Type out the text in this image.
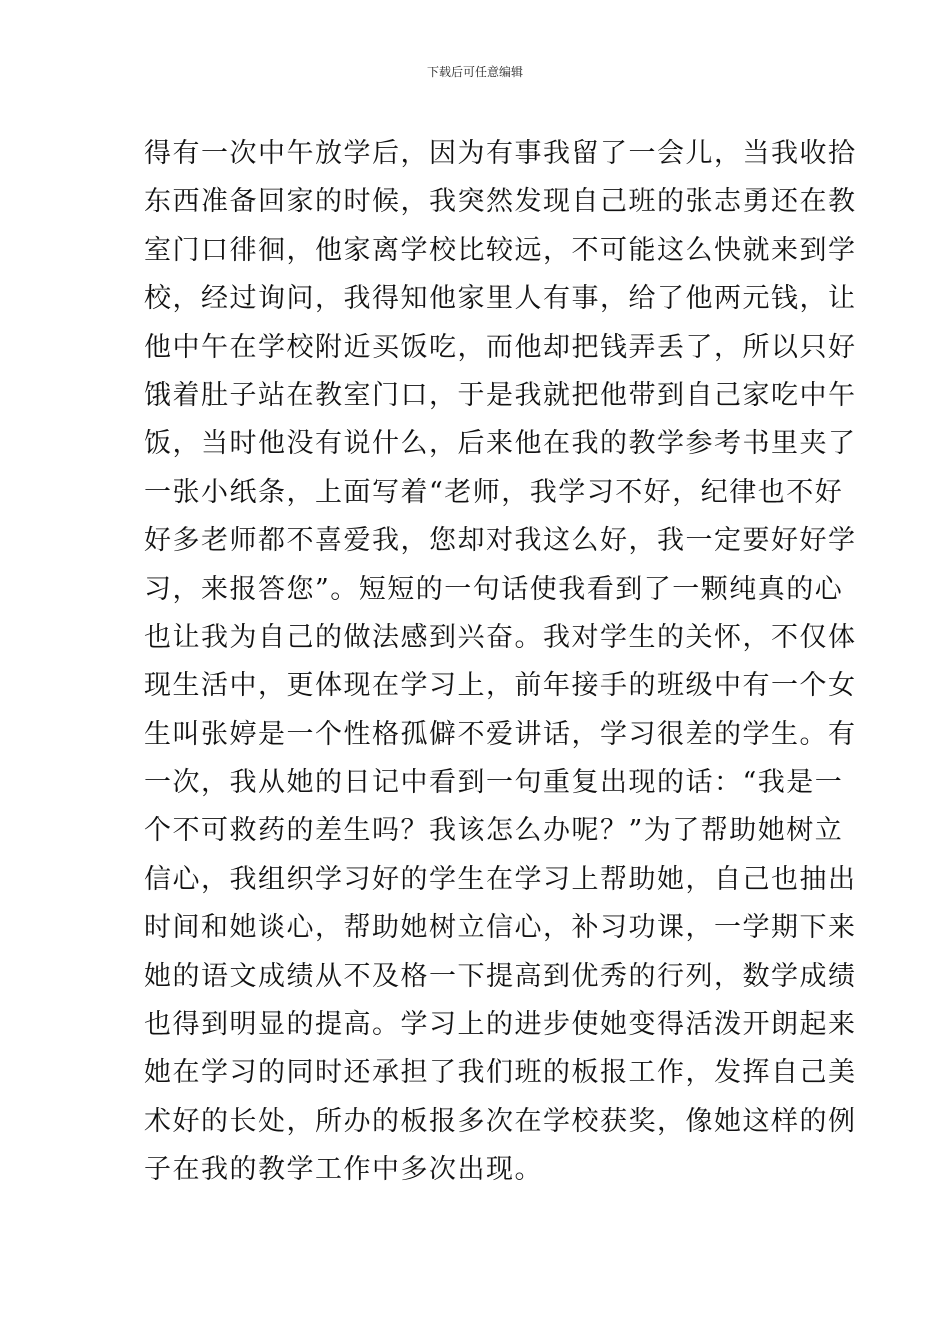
下载后可任意编辑
得有一次中午放学后，因为有事我留了一会儿，当我收拾
东西准备回家的时候，我突然发现自己班的张志勇还在教
室门口徘徊，他家离学校比较远，不可能这么快就来到学
校，经过询问，我得知他家里人有事，给了他两元钱，让
他中午在学校附近买饭吃，而他却把钱弄丢了，所以只好
饿着肚子站在教室门口，于是我就把他带到自己家吃中午
饭，当时他没有说什么，后来他在我的教学参考书里夹了
一张小纸条，上面写着“老师，我学习不好，纪律也不好
好多老师都不喜爱我，您却对我这么好，我一定要好好学
习，来报答您”。短短的一句话使我看到了一颗纯真的心
也让我为自己的做法感到兴奋。我对学生的关怀，不仅体
现生活中，更体现在学习上，前年接手的班级中有一个女
生叫张婷是一个性格孤僻不爱讲话，学习很差的学生。有
一次，我从她的日记中看到一句重复出现的话：“我是一
个不可救药的差生吗？我该怎么办呢？”为了帮助她树立
信心，我组织学习好的学生在学习上帮助她，自己也抽出
时间和她谈心，帮助她树立信心，补习功课，一学期下来
她的语文成绩从不及格一下提高到优秀的行列，数学成绩
也得到明显的提高。学习上的进步使她变得活泼开朗起来
她在学习的同时还承担了我们班的板报工作，发挥自己美
术好的长处，所办的板报多次在学校获奖，像她这样的例
子在我的教学工作中多次出现。
